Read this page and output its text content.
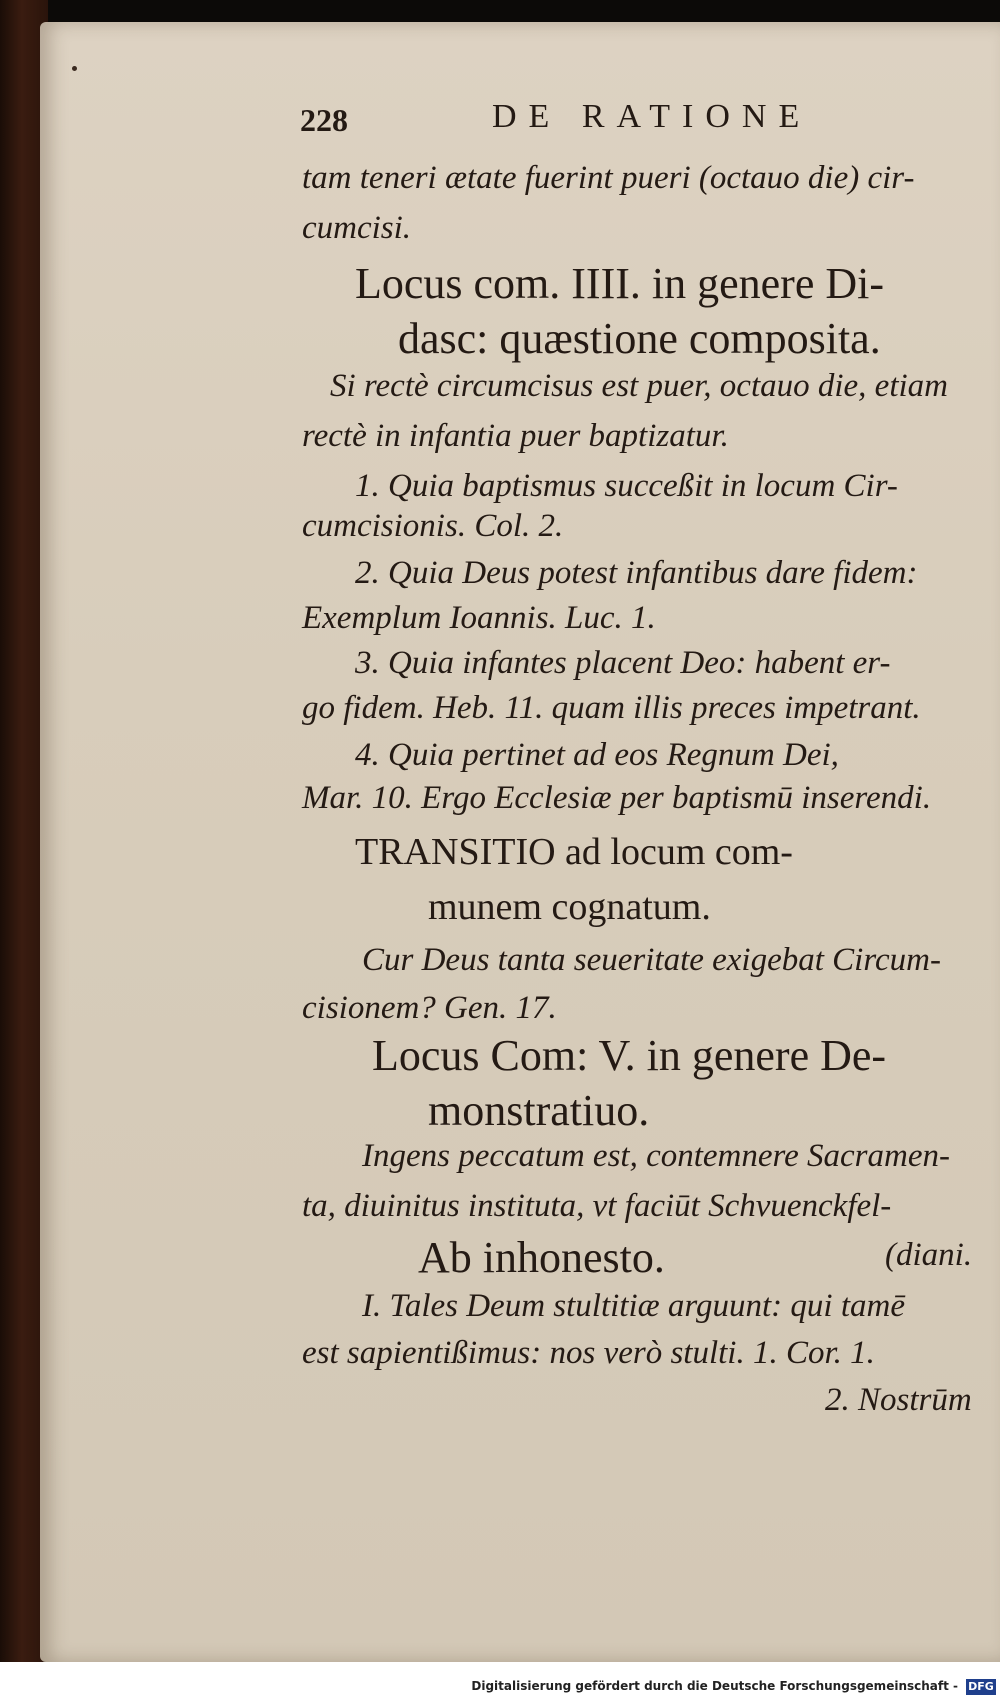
228	DE RATIONE
tam teneri ætate fuerint pueri (octauo die) cir-
cumcisi.
Locus com. IIII. in genere Di-
dasc: quæstione composita.
Si rectè circumcisus est puer, octauo die, etiam
rectè in infantia puer baptizatur.
1. Quia baptismus succeßit in locum Cir-
cumcisionis. Col. 2.
2. Quia Deus potest infantibus dare fidem:
Exemplum Ioannis. Luc. 1.
3. Quia infantes placent Deo: habent er-
go fidem. Heb. 11. quam illis preces impetrant.
4. Quia pertinet ad eos Regnum Dei,
Mar. 10. Ergo Ecclesiæ per baptismū inserendi.
TRANSITIO ad locum com-
munem cognatum.
Cur Deus tanta seueritate exigebat Circum-
cisionem? Gen. 17.
Locus Com: V. in genere De-
monstratiuo.
Ingens peccatum est, contemnere Sacramen-
ta, diuinitus instituta, vt faciūt Schvuenckfel-
Ab inhonesto.	(diani.
I. Tales Deum stultitiæ arguunt: qui tamē
est sapientißimus: nos verò stulti. 1. Cor. 1.
2. Nostrūm
Digitalisierung gefördert durch die Deutsche Forschungsgemeinschaft - DFG
